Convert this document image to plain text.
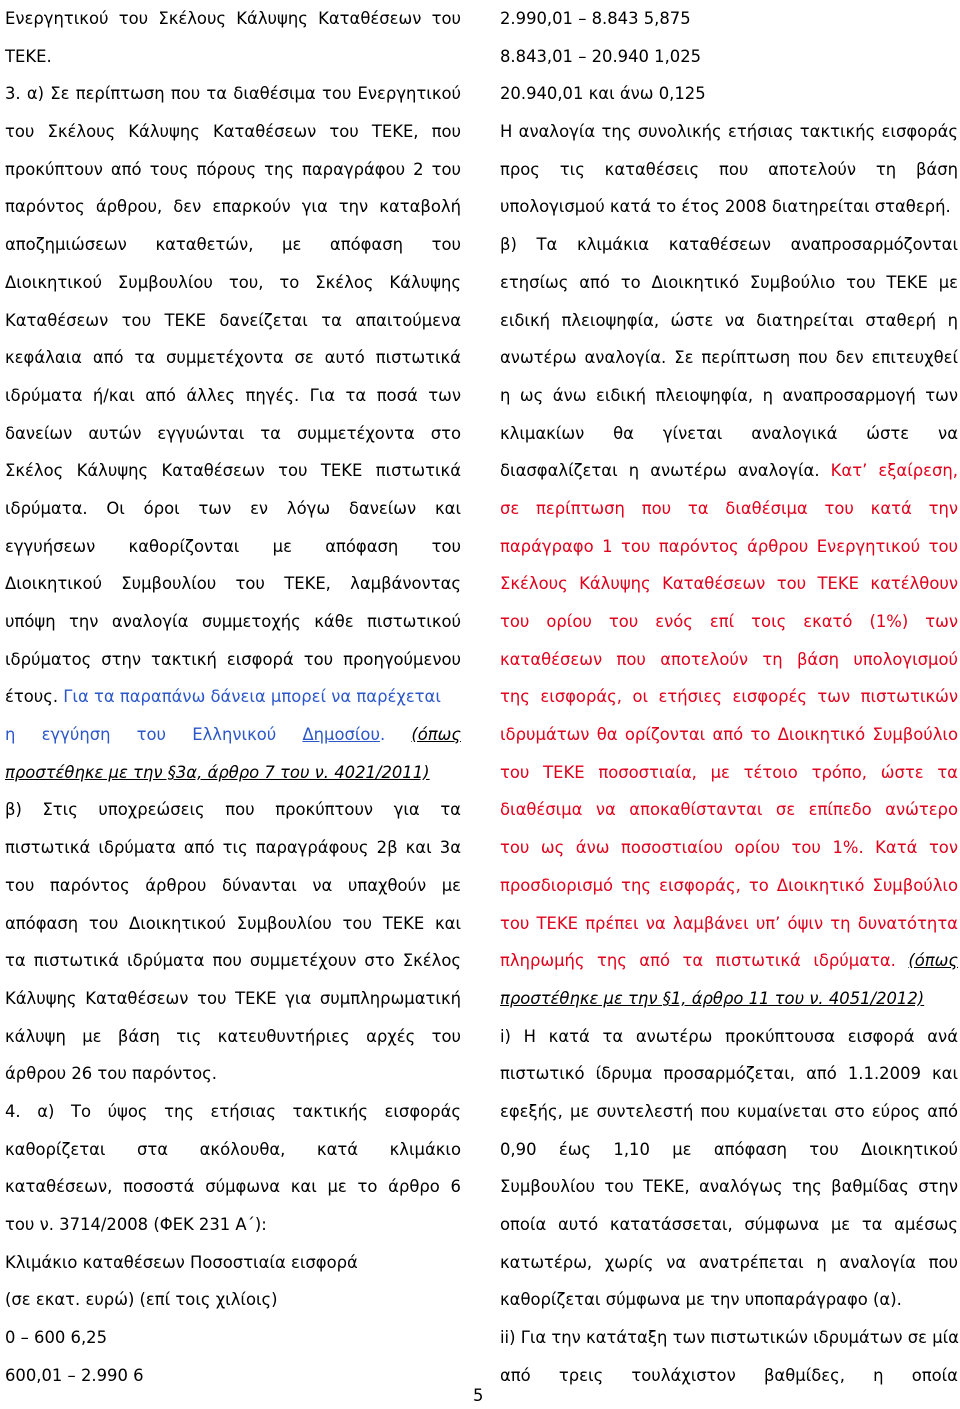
Ενεργητικού του Σκέλους Κάλυψης Καταθέσεων του
ΤΕΚΕ.
3. α) Σε περίπτωση που τα διαθέσιμα του Ενεργητικού
του Σκέλους Κάλυψης Καταθέσεων του ΤΕΚΕ, που
προκύπτουν από τους πόρους της παραγράφου 2 του
παρόντος άρθρου, δεν επαρκούν για την καταβολή
αποζημιώσεων καταθετών, με απόφαση του
Διοικητικού Συμβουλίου του, το Σκέλος Κάλυψης
Καταθέσεων του ΤΕΚΕ δανείζεται τα απαιτούμενα
κεφάλαια από τα συμμετέχοντα σε αυτό πιστωτικά
ιδρύματα ή/και από άλλες πηγές. Για τα ποσά των
δανείων αυτών εγγυώνται τα συμμετέχοντα στο
Σκέλος Κάλυψης Καταθέσεων του ΤΕΚΕ πιστωτικά
ιδρύματα. Οι όροι των εν λόγω δανείων και
εγγυήσεων καθορίζονται με απόφαση του
Διοικητικού Συμβουλίου του ΤΕΚΕ, λαμβάνοντας
υπόψη την αναλογία συμμετοχής κάθε πιστωτικού
ιδρύματος στην τακτική εισφορά του προηγούμενου
έτους. Για τα παραπάνω δάνεια μπορεί να παρέχεται
η εγγύηση του Ελληνικού Δημοσίου. (όπως
προστέθηκε με την §3α, άρθρο 7 του ν. 4021/2011)
β) Στις υποχρεώσεις που προκύπτουν για τα
πιστωτικά ιδρύματα από τις παραγράφους 2β και 3α
του παρόντος άρθρου δύνανται να υπαχθούν με
απόφαση του Διοικητικού Συμβουλίου του ΤΕΚΕ και
τα πιστωτικά ιδρύματα που συμμετέχουν στο Σκέλος
Κάλυψης Καταθέσεων του ΤΕΚΕ για συμπληρωματική
κάλυψη με βάση τις κατευθυντήριες αρχές του
άρθρου 26 του παρόντος.
4. α) Το ύψος της ετήσιας τακτικής εισφοράς
καθορίζεται στα ακόλουθα, κατά κλιμάκιο
καταθέσεων, ποσοστά σύμφωνα και με το άρθρο 6
του ν. 3714/2008 (ΦΕΚ 231 Α΄):
Κλιμάκιο καταθέσεων Ποσοστιαία εισφορά
(σε εκατ. ευρώ) (επί τοις χιλίοις)
0 – 600 6,25
600,01 – 2.990 6
2.990,01 – 8.843 5,875
8.843,01 – 20.940 1,025
20.940,01 και άνω 0,125
Η αναλογία της συνολικής ετήσιας τακτικής εισφοράς
προς τις καταθέσεις που αποτελούν τη βάση
υπολογισμού κατά το έτος 2008 διατηρείται σταθερή.
β) Τα κλιμάκια καταθέσεων αναπροσαρμόζονται
ετησίως από το Διοικητικό Συμβούλιο του ΤΕΚΕ με
ειδική πλειοψηφία, ώστε να διατηρείται σταθερή η
ανωτέρω αναλογία. Σε περίπτωση που δεν επιτευχθεί
η ως άνω ειδική πλειοψηφία, η αναπροσαρμογή των
κλιμακίων θα γίνεται αναλογικά ώστε να
διασφαλίζεται η ανωτέρω αναλογία. Κατ’ εξαίρεση,
σε περίπτωση που τα διαθέσιμα του κατά την
παράγραφο 1 του παρόντος άρθρου Ενεργητικού του
Σκέλους Κάλυψης Καταθέσεων του ΤΕΚΕ κατέλθουν
του ορίου του ενός επί τοις εκατό (1%) των
καταθέσεων που αποτελούν τη βάση υπολογισμού
της εισφοράς, οι ετήσιες εισφορές των πιστωτικών
ιδρυμάτων θα ορίζονται από το Διοικητικό Συμβούλιο
του ΤΕΚΕ ποσοστιαία, με τέτοιο τρόπο, ώστε τα
διαθέσιμα να αποκαθίστανται σε επίπεδο ανώτερο
του ως άνω ποσοστιαίου ορίου του 1%. Κατά τον
προσδιορισμό της εισφοράς, το Διοικητικό Συμβούλιο
του ΤΕΚΕ πρέπει να λαμβάνει υπ’ όψιν τη δυνατότητα
πληρωμής της από τα πιστωτικά ιδρύματα. (όπως
προστέθηκε με την §1, άρθρο 11 του ν. 4051/2012)
i) Η κατά τα ανωτέρω προκύπτουσα εισφορά ανά
πιστωτικό ίδρυμα προσαρμόζεται, από 1.1.2009 και
εφεξής, με συντελεστή που κυμαίνεται στο εύρος από
0,90 έως 1,10 με απόφαση του Διοικητικού
Συμβουλίου του ΤΕΚΕ, αναλόγως της βαθμίδας στην
οποία αυτό κατατάσσεται, σύμφωνα με τα αμέσως
κατωτέρω, χωρίς να ανατρέπεται η αναλογία που
καθορίζεται σύμφωνα με την υποπαράγραφο (α).
ii) Για την κατάταξη των πιστωτικών ιδρυμάτων σε μία
από τρεις τουλάχιστον βαθμίδες, η οποία
5
